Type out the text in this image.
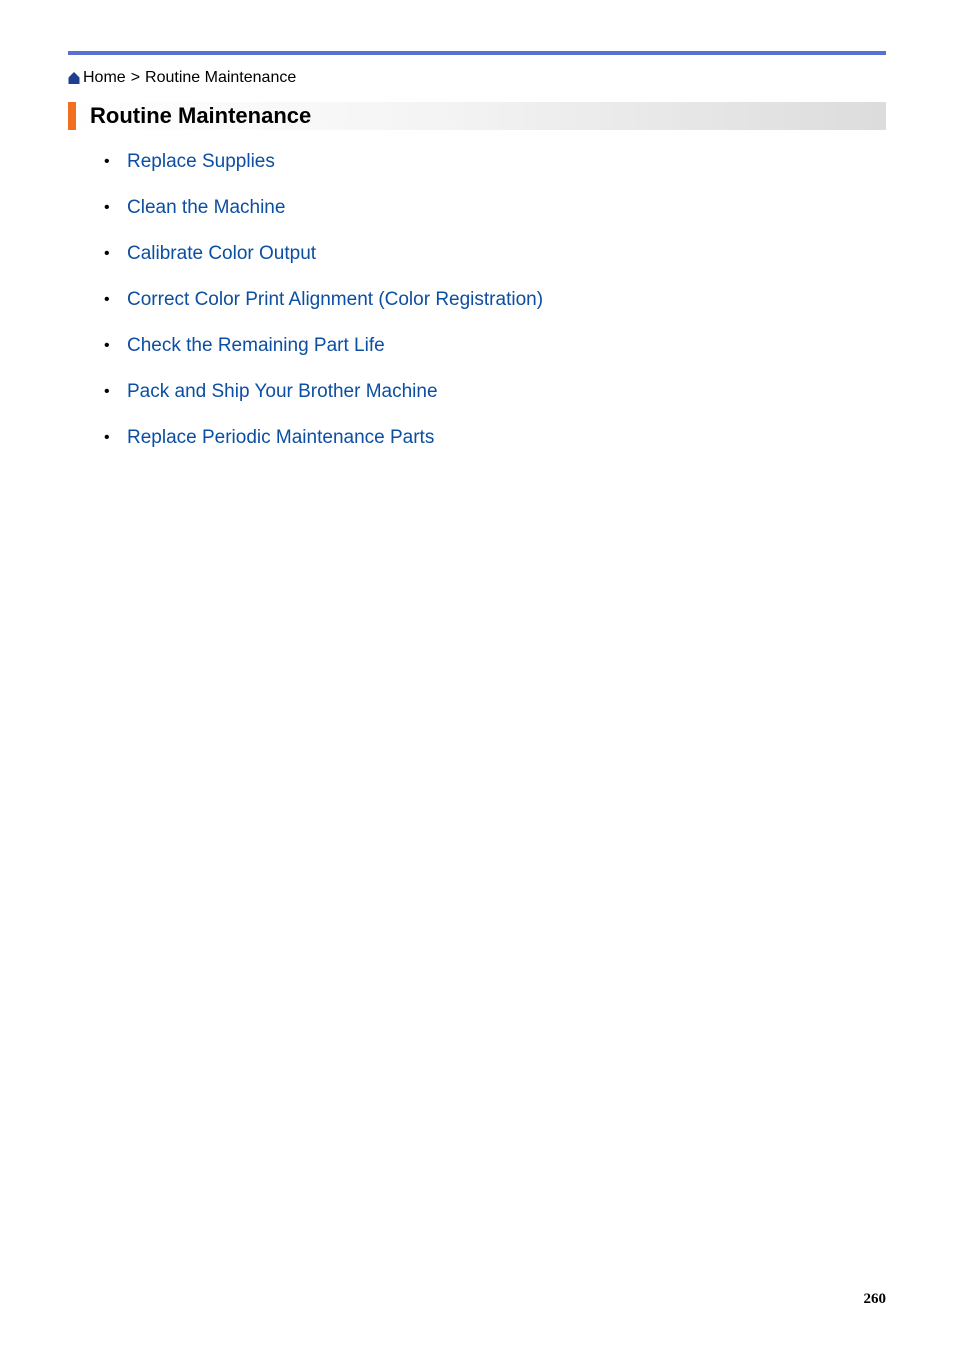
Home > Routine Maintenance
Routine Maintenance
• Replace Supplies
• Clean the Machine
• Calibrate Color Output
• Correct Color Print Alignment (Color Registration)
• Check the Remaining Part Life
• Pack and Ship Your Brother Machine
• Replace Periodic Maintenance Parts
260
